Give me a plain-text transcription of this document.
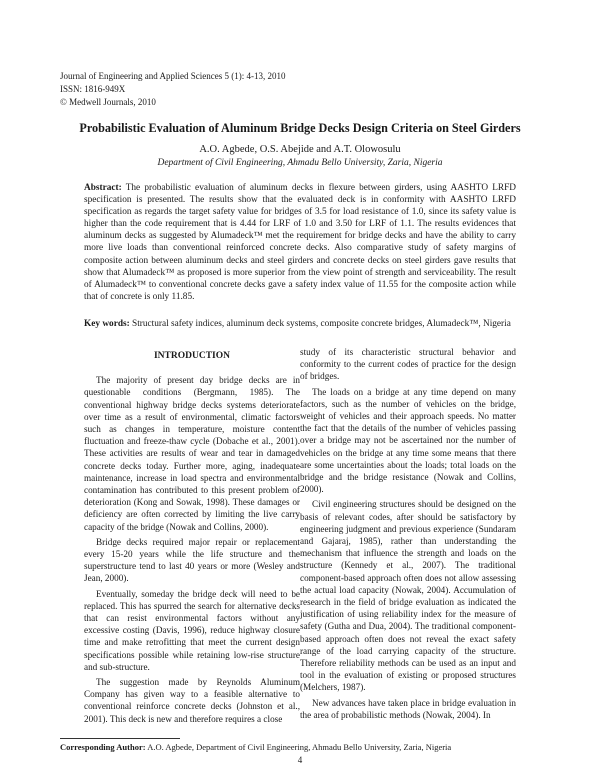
Journal of Engineering and Applied Sciences 5 (1): 4-13, 2010
ISSN: 1816-949X
© Medwell Journals, 2010
Probabilistic Evaluation of Aluminum Bridge Decks Design Criteria on Steel Girders
A.O. Agbede, O.S. Abejide and A.T. Olowosulu
Department of Civil Engineering, Ahmadu Bello University, Zaria, Nigeria
Abstract: The probabilistic evaluation of aluminum decks in flexure between girders, using AASHTO LRFD specification is presented. The results show that the evaluated deck is in conformity with AASHTO LRFD specification as regards the target safety value for bridges of 3.5 for load resistance of 1.0, since its safety value is higher than the code requirement that is 4.44 for LRF of 1.0 and 3.50 for LRF of 1.1. The results evidences that aluminum decks as suggested by Alumadeck™ met the requirement for bridge decks and have the ability to carry more live loads than conventional reinforced concrete decks. Also comparative study of safety margins of composite action between aluminum decks and steel girders and concrete decks on steel girders gave results that show that Alumadeck™ as proposed is more superior from the view point of strength and serviceability. The result of Alumadeck™ to conventional concrete decks gave a safety index value of 11.55 for the composite action while that of concrete is only 11.85.
Key words: Structural safety indices, aluminum deck systems, composite concrete bridges, Alumadeck™, Nigeria
INTRODUCTION

The majority of present day bridge decks are in questionable conditions (Bergmann, 1985). The conventional highway bridge decks systems deteriorate over time as a result of environmental, climatic factors such as changes in temperature, moisture content fluctuation and freeze-thaw cycle (Dobache et al., 2001). These activities are results of wear and tear in damaged concrete decks today. Further more, aging, inadequate maintenance, increase in load spectra and environmental contamination has contributed to this present problem of deterioration (Kong and Sowak, 1998). These damages or deficiency are often corrected by limiting the live carry capacity of the bridge (Nowak and Collins, 2000).

Bridge decks required major repair or replacement every 15-20 years while the life structure and the superstructure tend to last 40 years or more (Wesley and Jean, 2000).

Eventually, someday the bridge deck will need to be replaced. This has spurred the search for alternative decks that can resist environmental factors without any excessive costing (Davis, 1996), reduce highway closure time and make retrofitting that meet the current design specifications possible while retaining low-rise structure and sub-structure.

The suggestion made by Reynolds Aluminum Company has given way to a feasible alternative to conventional reinforce concrete decks (Johnston et al., 2001). This deck is new and therefore requires a close

study of its characteristic structural behavior and conformity to the current codes of practice for the design of bridges.

The loads on a bridge at any time depend on many factors, such as the number of vehicles on the bridge, weight of vehicles and their approach speeds. No matter the fact that the details of the number of vehicles passing over a bridge may not be ascertained nor the number of vehicles on the bridge at any time some means that there are some uncertainties about the loads; total loads on the bridge and the bridge resistance (Nowak and Collins, 2000).

Civil engineering structures should be designed on the basis of relevant codes, after should be satisfactory by engineering judgment and previous experience (Sundaram and Gajaraj, 1985), rather than understanding the mechanism that influence the strength and loads on the structure (Kennedy et al., 2007). The traditional component-based approach often does not allow assessing the actual load capacity (Nowak, 2004). Accumulation of research in the field of bridge evaluation as indicated the justification of using reliability index for the measure of safety (Gutha and Dua, 2004). The traditional component-based approach often does not reveal the exact safety range of the load carrying capacity of the structure. Therefore reliability methods can be used as an input and tool in the evaluation of existing or proposed structures (Melchers, 1987).

New advances have taken place in bridge evaluation in the area of probabilistic methods (Nowak, 2004). In

Corresponding Author: A.O. Agbede, Department of Civil Engineering, Ahmadu Bello University, Zaria, Nigeria
4
